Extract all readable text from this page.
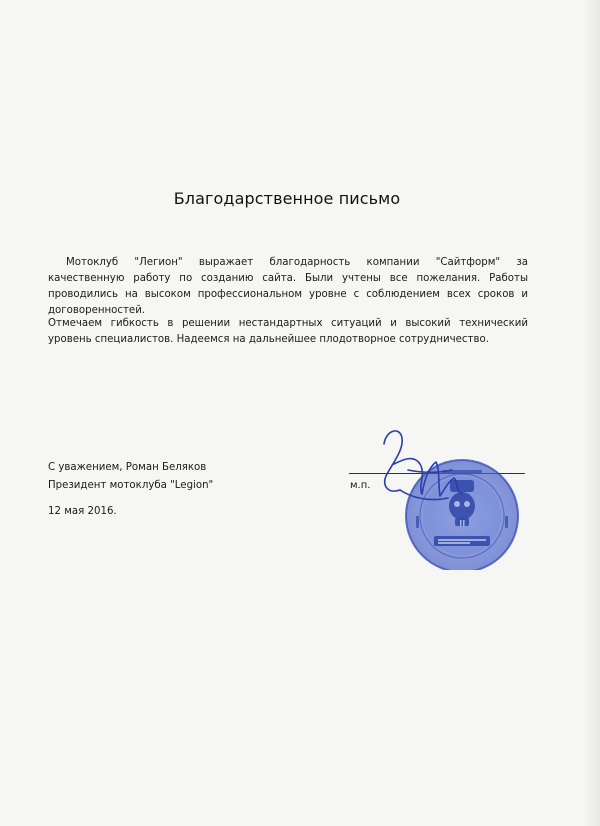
Благодарственное письмо
Мотоклуб "Легион" выражает благодарность компании "Сайтформ" за качественную работу по созданию сайта. Были учтены все пожелания. Работы проводились на высоком профессиональном уровне с соблюдением всех сроков и договоренностей.
Отмечаем гибкость в решении нестандартных ситуаций и высокий технический уровень специалистов. Надеемся на дальнейшее плодотворное сотрудничество.
С уважением, Роман Беляков
Президент мотоклуба "Legion"
12 мая 2016.
м.п.
